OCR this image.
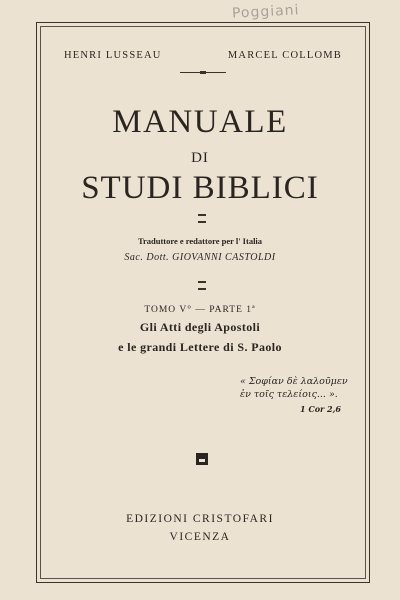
Poggiani
HENRI LUSSEAU	MARCEL COLLOMB
MANUALE
DI
STUDI BIBLICI
Traduttore e redattore per l' Italia
Sac. Dott. GIOVANNI CASTOLDI
TOMO V° — PARTE 1ª
Gli Atti degli Apostoli
e le grandi Lettere di S. Paolo
« Σοφίαν δὲ λαλοῦμεν
ἐν τοῖς τελείοις... ».
1 Cor 2,6
EDIZIONI CRISTOFARI
VICENZA
